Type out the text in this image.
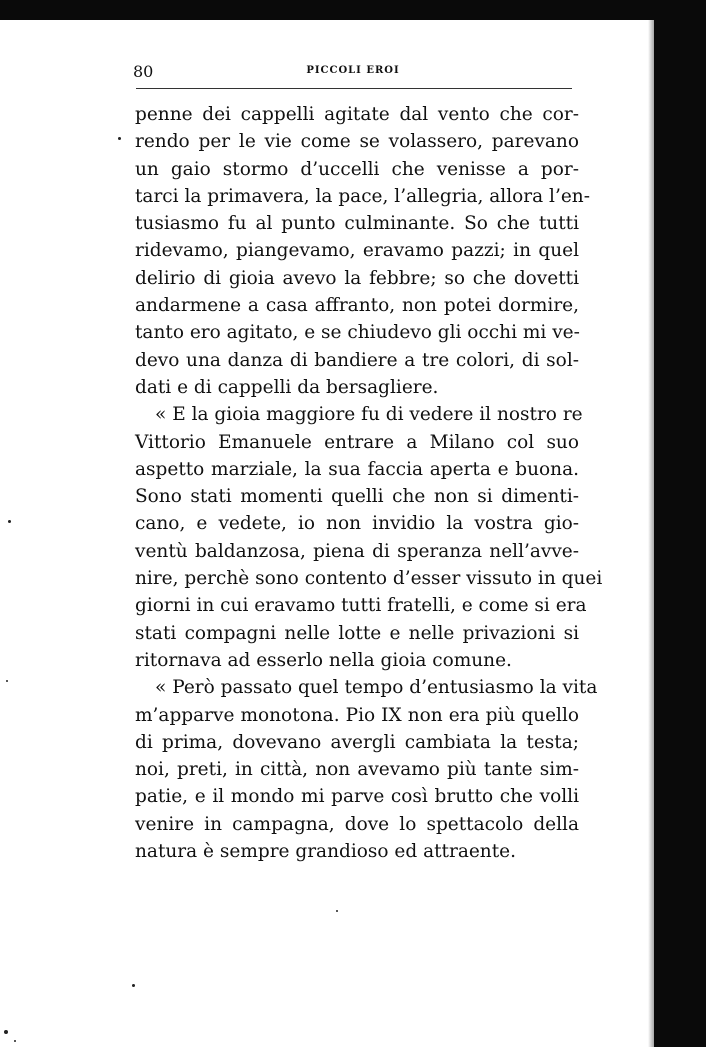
80	PICCOLI EROI
penne dei cappelli agitate dal vento che cor-
rendo per le vie come se volassero, parevano
un gaio stormo d’uccelli che venisse a por-
tarci la primavera, la pace, l’allegria, allora l’en-
tusiasmo fu al punto culminante. So che tutti
ridevamo, piangevamo, eravamo pazzi; in quel
delirio di gioia avevo la febbre; so che dovetti
andarmene a casa affranto, non potei dormire,
tanto ero agitato, e se chiudevo gli occhi mi ve-
devo una danza di bandiere a tre colori, di sol-
dati e di cappelli da bersagliere.
« E la gioia maggiore fu di vedere il nostro re
Vittorio Emanuele entrare a Milano col suo
aspetto marziale, la sua faccia aperta e buona.
Sono stati momenti quelli che non si dimenti-
cano, e vedete, io non invidio la vostra gio-
ventù baldanzosa, piena di speranza nell’avve-
nire, perchè sono contento d’esser vissuto in quei
giorni in cui eravamo tutti fratelli, e come si era
stati compagni nelle lotte e nelle privazioni si
ritornava ad esserlo nella gioia comune.
« Però passato quel tempo d’entusiasmo la vita
m’apparve monotona. Pio IX non era più quello
di prima, dovevano avergli cambiata la testa;
noi, preti, in città, non avevamo più tante sim-
patie, e il mondo mi parve così brutto che volli
venire in campagna, dove lo spettacolo della
natura è sempre grandioso ed attraente.
